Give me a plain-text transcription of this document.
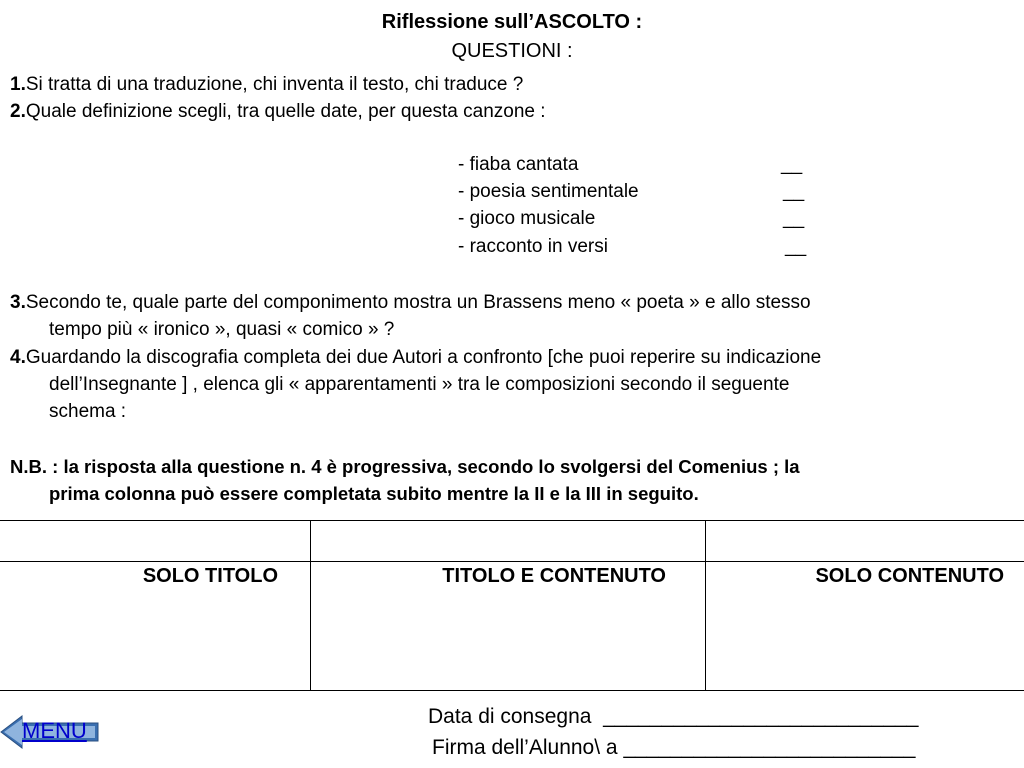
Riflessione sull’ASCOLTO :
QUESTIONI :
1.Si tratta di una traduzione, chi inventa il testo, chi traduce ?
2.Quale definizione scegli, tra quelle date, per questa canzone :
- fiaba cantata	__
- poesia sentimentale	__
- gioco musicale	__
- racconto in versi	__
3.Secondo te, quale parte del componimento mostra un Brassens meno « poeta » e allo stesso
tempo più « ironico », quasi « comico » ?
4.Guardando la discografia completa dei due Autori a confronto [che puoi reperire su indicazione
dell’Insegnante ] , elenca gli « apparentamenti » tra le composizioni secondo il seguente
schema :
N.B. : la risposta alla questione n. 4 è progressiva, secondo lo svolgersi del Comenius ; la
prima colonna può essere completata subito mentre la II e la III in seguito.
SOLO TITOLO	TITOLO E CONTENUTO	SOLO CONTENUTO
Data di consegna ___________________________
Firma dell’Alunno\ a _________________________
MENU
